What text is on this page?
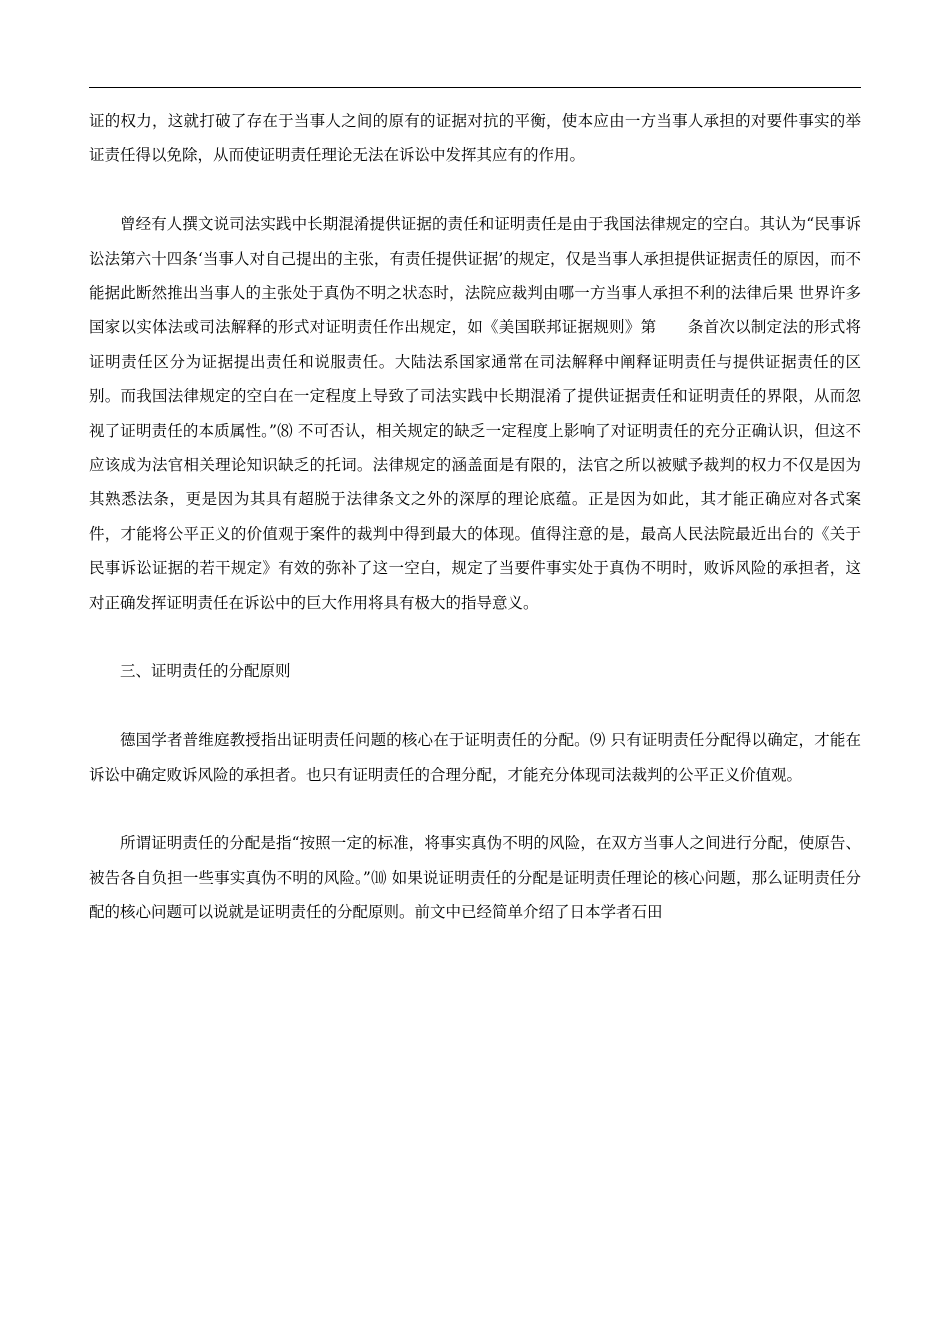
证的权力，这就打破了存在于当事人之间的原有的证据对抗的平衡，使本应由一方当事人承担的对要件事实的举证责任得以免除，从而使证明责任理论无法在诉讼中发挥其应有的作用。

曾经有人撰文说司法实践中长期混淆提供证据的责任和证明责任是由于我国法律规定的空白。其认为“民事诉讼法第六十四条‘当事人对自己提出的主张，有责任提供证据’的规定，仅是当事人承担提供证据责任的原因，而不能据此断然推出当事人的主张处于真伪不明之状态时，法院应裁判由哪一方当事人承担不利的法律后果 世界许多国家以实体法或司法解释的形式对证明责任作出规定，如《美国联邦证据规则》第　　条首次以制定法的形式将证明责任区分为证据提出责任和说服责任。大陆法系国家通常在司法解释中阐释证明责任与提供证据责任的区别。而我国法律规定的空白在一定程度上导致了司法实践中长期混淆了提供证据责任和证明责任的界限，从而忽视了证明责任的本质属性。”⑻ 不可否认，相关规定的缺乏一定程度上影响了对证明责任的充分正确认识，但这不应该成为法官相关理论知识缺乏的托词。法律规定的涵盖面是有限的，法官之所以被赋予裁判的权力不仅是因为其熟悉法条，更是因为其具有超脱于法律条文之外的深厚的理论底蕴。正是因为如此，其才能正确应对各式案件，才能将公平正义的价值观于案件的裁判中得到最大的体现。值得注意的是，最高人民法院最近出台的《关于民事诉讼证据的若干规定》有效的弥补了这一空白，规定了当要件事实处于真伪不明时，败诉风险的承担者，这对正确发挥证明责任在诉讼中的巨大作用将具有极大的指导意义。

三、证明责任的分配原则

德国学者普维庭教授指出证明责任问题的核心在于证明责任的分配。⑼ 只有证明责任分配得以确定，才能在诉讼中确定败诉风险的承担者。也只有证明责任的合理分配，才能充分体现司法裁判的公平正义价值观。

所谓证明责任的分配是指“按照一定的标准，将事实真伪不明的风险，在双方当事人之间进行分配，使原告、被告各自负担一些事实真伪不明的风险。”⑽ 如果说证明责任的分配是证明责任理论的核心问题，那么证明责任分配的核心问题可以说就是证明责任的分配原则。前文中已经简单介绍了日本学者石田
